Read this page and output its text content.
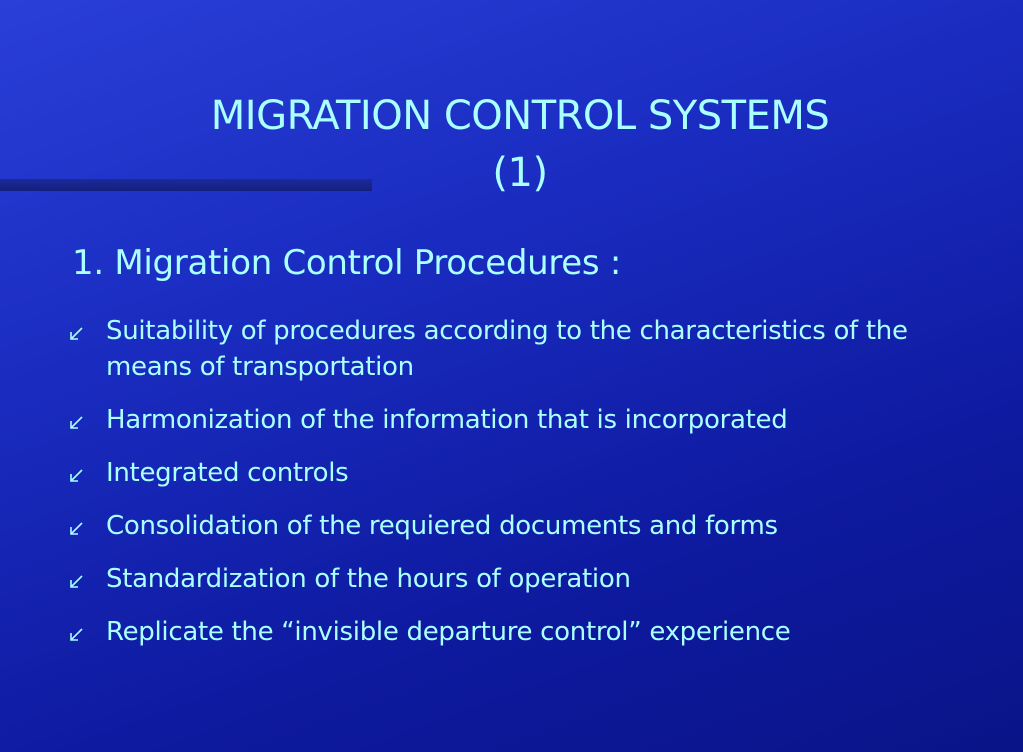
MIGRATION CONTROL SYSTEMS
(1)
1. Migration Control Procedures :
Suitability of procedures according to the characteristics of the means of transportation
Harmonization of the information that is incorporated
Integrated controls
Consolidation of the requiered documents and forms
Standardization of the hours of operation
Replicate the “invisible departure control” experience
